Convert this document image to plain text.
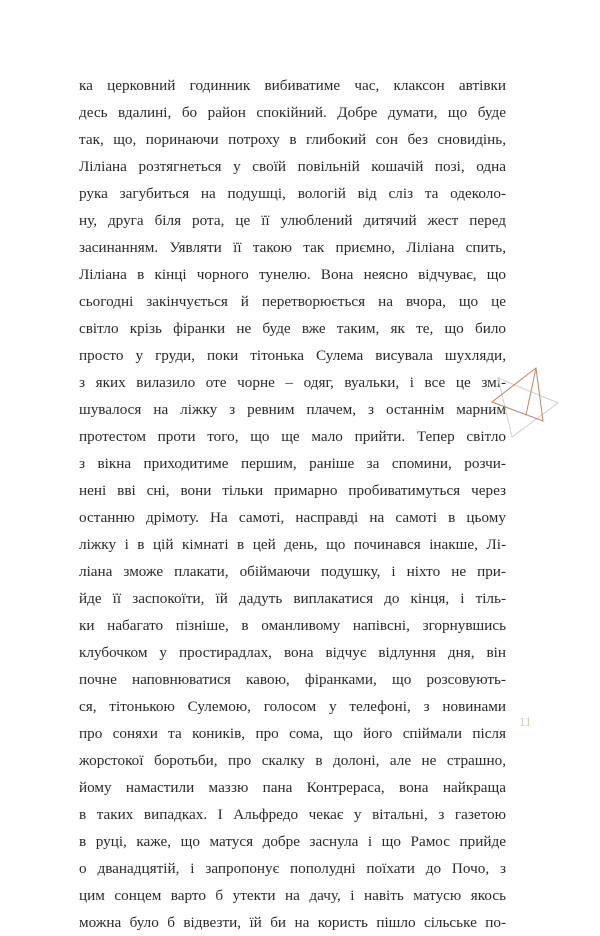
ка церковний годинник вибиватиме час, клаксон автівки
десь вдалині, бо район спокійний. Добре думати, що буде
так, що, поринаючи потроху в глибокий сон без сновидінь,
Ліліана розтягнеться у своїй повільній кошачій позі, одна
рука загубиться на подушці, вологій від сліз та одеколо-
ну, друга біля рота, це її улюблений дитячий жест перед
засинанням. Уявляти її такою так приємно, Ліліана спить,
Ліліана в кінці чорного тунелю. Вона неясно відчуває, що
сьогодні закінчується й перетворюється на вчора, що це
світло крізь фіранки не буде вже таким, як те, що било
просто у груди, поки тітонька Сулема висувала шухляди,
з яких вилазило оте чорне – одяг, вуальки, і все це змі-
шувалося на ліжку з ревним плачем, з останнім марним
протестом проти того, що ще мало прийти. Тепер світло
з вікна приходитиме першим, раніше за спомини, розчи-
нені вві сні, вони тільки примарно пробиватимуться через
останню дрімоту. На самоті, насправді на самоті в цьому
ліжку і в цій кімнаті в цей день, що починався інакше, Лі-
ліана зможе плакати, обіймаючи подушку, і ніхто не при-
йде її заспокоїти, їй дадуть виплакатися до кінця, і тіль-
ки набагато пізніше, в оманливому напівсні, згорнувшись
клубочком у простирадлах, вона відчує відлуння дня, він
почне наповнюватися кавою, фіранками, що розсовують-
ся, тітонькою Сулемою, голосом у телефоні, з новинами
про соняхи та коників, про сома, що його спіймали після
жорстокої боротьби, про скалку в долоні, але не страшно,
йому намастили маззю пана Контрераса, вона найкраща
в таких випадках. І Альфредо чекає у вітальні, з газетою
в руці, каже, що матуся добре заснула і що Рамос прийде
о дванадцятій, і запропонує пополудні поїхати до Почо, з
цим сонцем варто б утекти на дачу, і навіть матусю якось
можна було б відвезти, їй би на користь пішло сільське по-
11
